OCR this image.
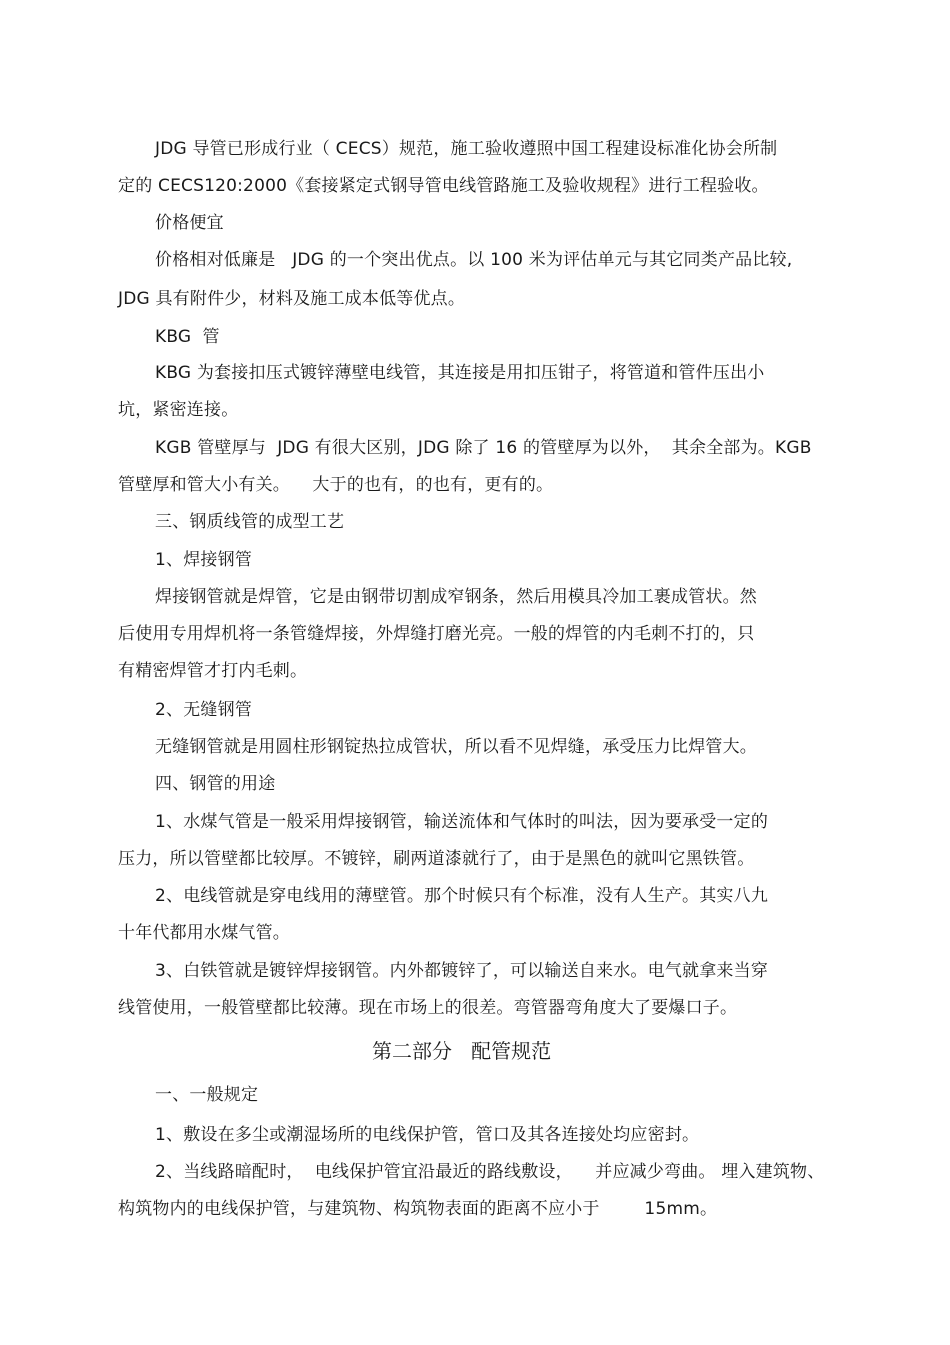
JDG 导管已形成行业（ CECS）规范，施工验收遵照中国工程建设标准化协会所制
定的 CECS120:2000《套接紧定式钢导管电线管路施工及验收规程》进行工程验收。
价格便宜
价格相对低廉是   JDG 的一个突出优点。以 100 米为评估单元与其它同类产品比较,
JDG 具有附件少，材料及施工成本低等优点。
KBG  管
KBG 为套接扣压式镀锌薄壁电线管，其连接是用扣压钳子，将管道和管件压出小
坑，紧密连接。
KGB 管壁厚与  JDG 有很大区别，JDG 除了 16 的管壁厚为以外，  其余全部为。KGB
管壁厚和管大小有关。    大于的也有，的也有，更有的。
三、钢质线管的成型工艺
1、焊接钢管
焊接钢管就是焊管，它是由钢带切割成窄钢条，然后用模具冷加工裹成管状。然
后使用专用焊机将一条管缝焊接，外焊缝打磨光亮。一般的焊管的内毛刺不打的，只
有精密焊管才打内毛刺。
2、无缝钢管
无缝钢管就是用圆柱形钢锭热拉成管状，所以看不见焊缝，承受压力比焊管大。
四、钢管的用途
1、水煤气管是一般采用焊接钢管，输送流体和气体时的叫法，因为要承受一定的
压力，所以管壁都比较厚。不镀锌，刷两道漆就行了，由于是黑色的就叫它黑铁管。
2、电线管就是穿电线用的薄壁管。那个时候只有个标准，没有人生产。其实八九
十年代都用水煤气管。
3、白铁管就是镀锌焊接钢管。内外都镀锌了，可以输送自来水。电气就拿来当穿
线管使用，一般管壁都比较薄。现在市场上的很差。弯管器弯角度大了要爆口子。
第二部分   配管规范
一、一般规定
1、敷设在多尘或潮湿场所的电线保护管，管口及其各连接处均应密封。
2、当线路暗配时，  电线保护管宜沿最近的路线敷设，    并应减少弯曲。 埋入建筑物、
构筑物内的电线保护管，与建筑物、构筑物表面的距离不应小于        15mm。
